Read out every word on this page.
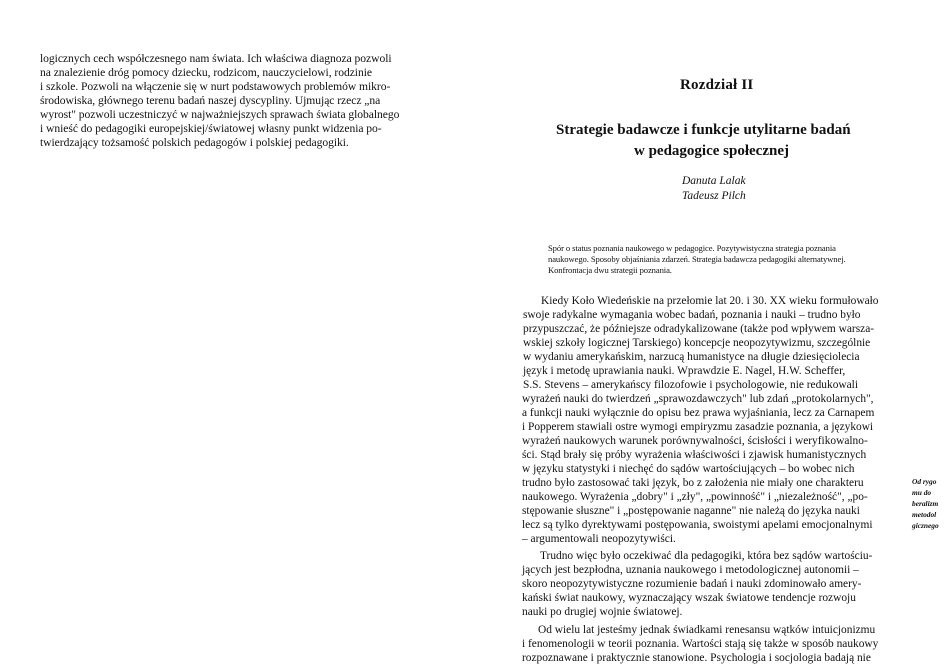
logicznych cech współczesnego nam świata. Ich właściwa diagnoza pozwoli

na znalezienie dróg pomocy dziecku, rodzicom, nauczycielowi, rodzinie

i szkole. Pozwoli na włączenie się w nurt podstawowych problemów mikro-

środowiska, głównego terenu badań naszej dyscypliny. Ujmując rzecz „na

wyrost" pozwoli uczestniczyć w najważniejszych sprawach świata globalnego

i wnieść do pedagogiki europejskiej/światowej własny punkt widzenia po-

twierdzający tożsamość polskich pedagogów i polskiej pedagogiki.

Rozdział II
Strategie badawcze i funkcje utylitarne badań
w pedagogice społecznej

Danuta Lalak

Tadeusz Pilch

Spór o status poznania naukowego w pedagogice. Pozytywistyczna strategia poznania

naukowego. Sposoby objaśniania zdarzeń. Strategia badawcza pedagogiki alternatywnej.

Konfrontacja dwu strategii poznania.

Kiedy Koło Wiedeńskie na przełomie lat 20. i 30. XX wieku formułowało

swoje radykalne wymagania wobec badań, poznania i nauki – trudno było

przypuszczać, że późniejsze odradykalizowane (także pod wpływem warsza-

wskiej szkoły logicznej Tarskiego) koncepcje neopozytywizmu, szczególnie

w wydaniu amerykańskim, narzucą humanistyce na długie dziesięciolecia

język i metodę uprawiania nauki. Wprawdzie E. Nagel, H.W. Scheffer,

S.S. Stevens – amerykańscy filozofowie i psychologowie, nie redukowali

wyrażeń nauki do twierdzeń „sprawozdawczych" lub zdań „protokolarnych",

a funkcji nauki wyłącznie do opisu bez prawa wyjaśniania, lecz za Carnapem

i Popperem stawiali ostre wymogi empiryzmu zasadzie poznania, a językowi

wyrażeń naukowych warunek porównywalności, ścisłości i weryfikowalno-

ści. Stąd brały się próby wyrażenia właściwości i zjawisk humanistycznych

w języku statystyki i niechęć do sądów wartościujących – bo wobec nich

trudno było zastosować taki język, bo z założenia nie miały one charakteru

naukowego. Wyrażenia „dobry" i „zły", „powinność" i „niezależność", „po-

stępowanie słuszne" i „postępowanie naganne" nie należą do języka nauki

lecz są tylko dyrektywami postępowania, swoistymi apelami emocjonalnymi

– argumentowali neopozytywiści.

Trudno więc było oczekiwać dla pedagogiki, która bez sądów wartościu-

jących jest bezpłodna, uznania naukowego i metodologicznej autonomii –

skoro neopozytywistyczne rozumienie badań i nauki zdominowało amery-

kański świat naukowy, wyznaczający wszak światowe tendencje rozwoju

nauki po drugiej wojnie światowej.

Od wielu lat jesteśmy jednak świadkami renesansu wątków intuicjonizmu

i fenomenologii w teorii poznania. Wartości stają się także w sposób naukowy

rozpoznawane i praktycznie stanowione. Psychologia i socjologia badają nie

Od rygo

mu do

beralizm

metodol

gicznego
